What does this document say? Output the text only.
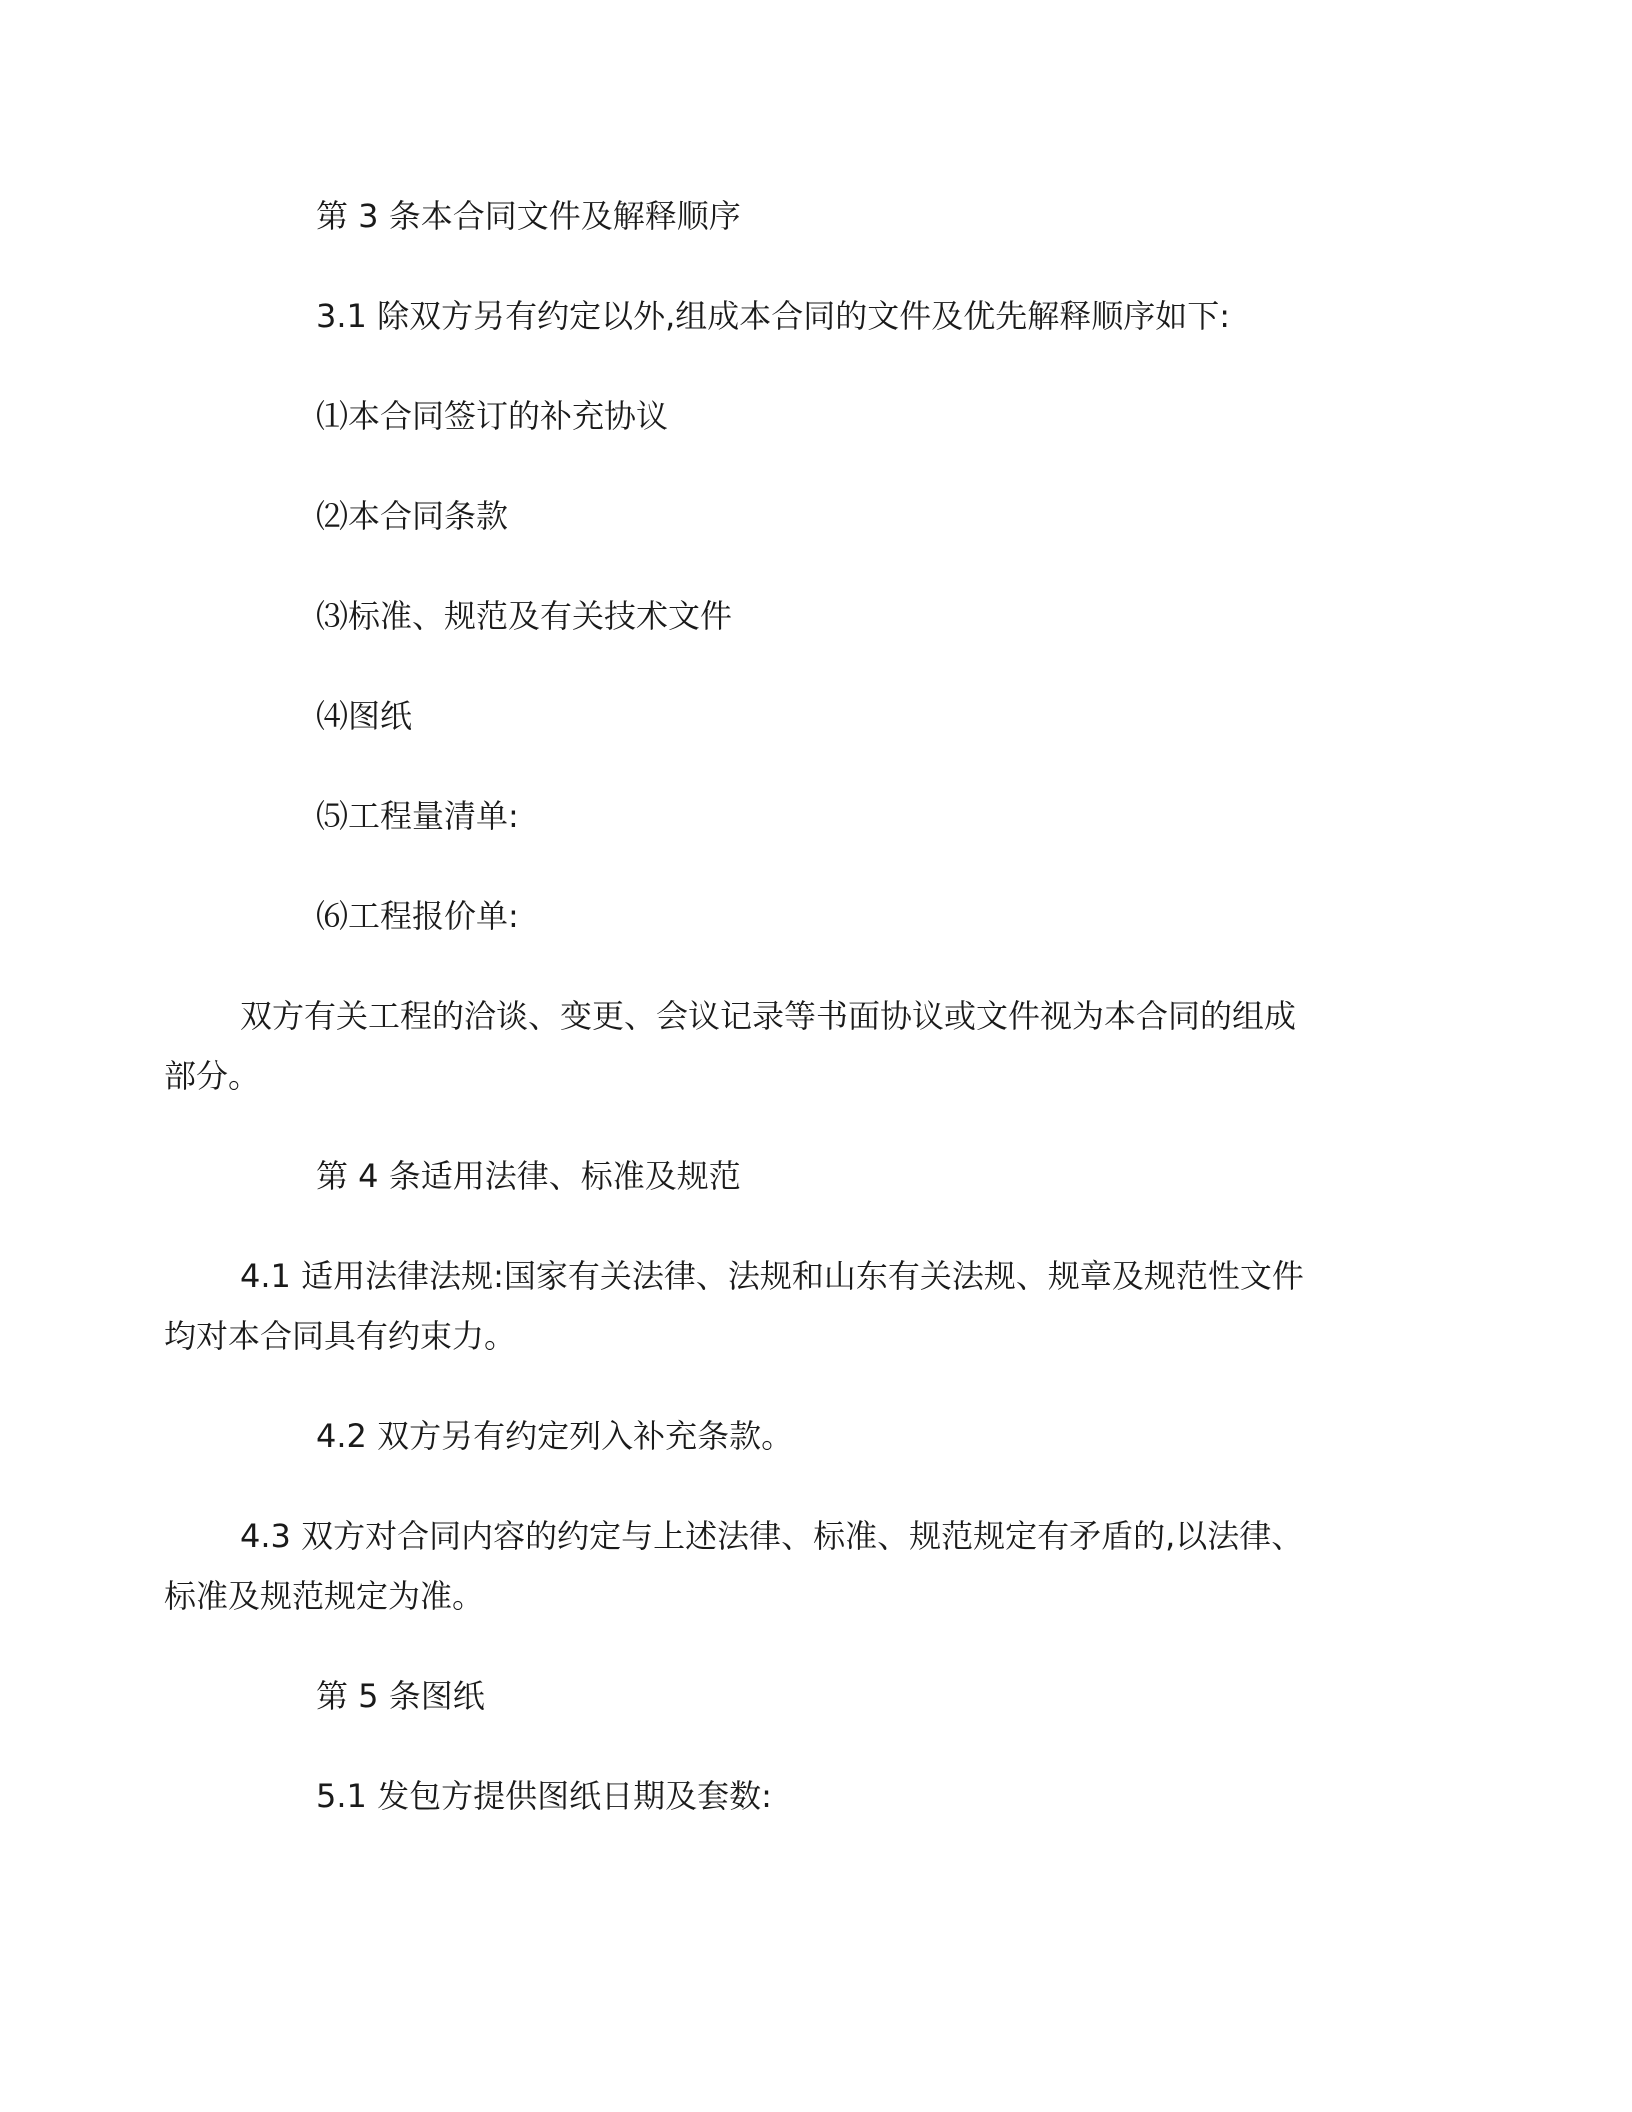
第 3 条本合同文件及解释顺序

3.1 除双方另有约定以外,组成本合同的文件及优先解释顺序如下:

⑴本合同签订的补充协议

⑵本合同条款

⑶标准、规范及有关技术文件

⑷图纸

⑸工程量清单:

⑹工程报价单:

双方有关工程的洽谈、变更、会议记录等书面协议或文件视为本合同的组成部分。

第 4 条适用法律、标准及规范

4.1 适用法律法规:国家有关法律、法规和山东有关法规、规章及规范性文件均对本合同具有约束力。

4.2 双方另有约定列入补充条款。

4.3 双方对合同内容的约定与上述法律、标准、规范规定有矛盾的,以法律、标准及规范规定为准。

第 5 条图纸

5.1 发包方提供图纸日期及套数:
